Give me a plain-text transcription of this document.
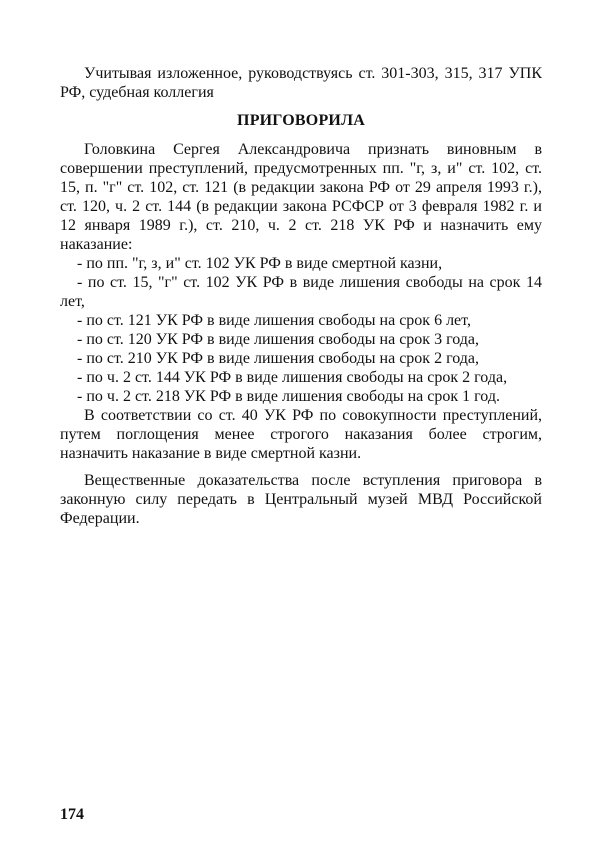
Учитывая изложенное, руководствуясь ст. 301-303, 315, 317 УПК РФ, судебная коллегия

ПРИГОВОРИЛА

Головкина Сергея Александровича признать виновным в совершении преступлений, предусмотренных пп. "г, з, и" ст. 102, ст. 15, п. "г" ст. 102, ст. 121 (в редакции закона РФ от 29 апреля 1993 г.), ст. 120, ч. 2 ст. 144 (в редакции закона РСФСР от 3 февраля 1982 г. и 12 января 1989 г.), ст. 210, ч. 2 ст. 218 УК РФ и назначить ему наказание:

- по пп. "г, з, и" ст. 102 УК РФ в виде смертной казни,
- по ст. 15, "г" ст. 102 УК РФ в виде лишения свободы на срок 14 лет,
- по ст. 121 УК РФ в виде лишения свободы на срок 6 лет,
- по ст. 120 УК РФ в виде лишения свободы на срок 3 года,
- по ст. 210 УК РФ в виде лишения свободы на срок 2 года,
- по ч. 2 ст. 144 УК РФ в виде лишения свободы на срок 2 года,
- по ч. 2 ст. 218 УК РФ в виде лишения свободы на срок 1 год.

В соответствии со ст. 40 УК РФ по совокупности преступлений, путем поглощения менее строгого наказания более строгим, назначить наказание в виде смертной казни.

Вещественные доказательства после вступления приговора в законную силу передать в Центральный музей МВД Российской Федерации.

174
